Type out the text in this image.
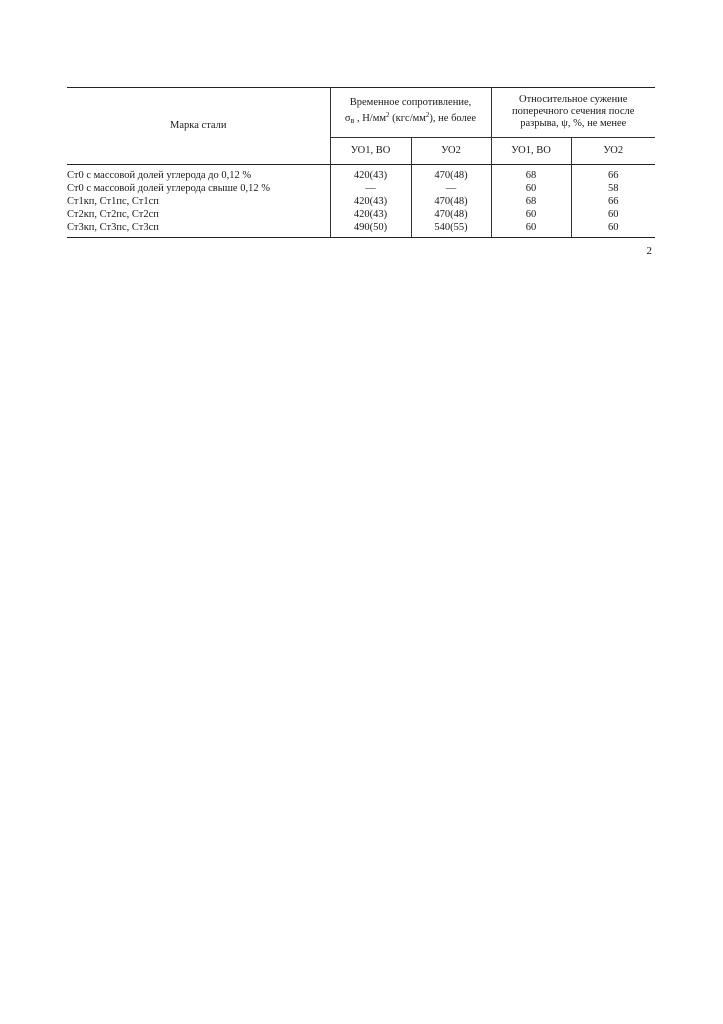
Марка стали	Временное сопротивление,
$\sigma_в$ , $Н/мм^2$ $(кгс/мм^2)$, не более		Относительное сужение
поперечного сечения после
разрыва, ψ, %, не менее	
	УО1, ВО	УО2	УО1, ВО	УО2
Ст0 с массовой долей углерода до 0,12 %	420(43)	470(48)	68	66
Ст0 с массовой долей углерода свыше 0,12 %	—	—	60	58
Ст1кп, Ст1пс, Ст1сп	420(43)	470(48)	68	66
Ст2кп, Ст2пс, Ст2сп	420(43)	470(48)	60	60
Ст3кп, Ст3пс, Ст3сп	490(50)	540(55)	60	60
2
